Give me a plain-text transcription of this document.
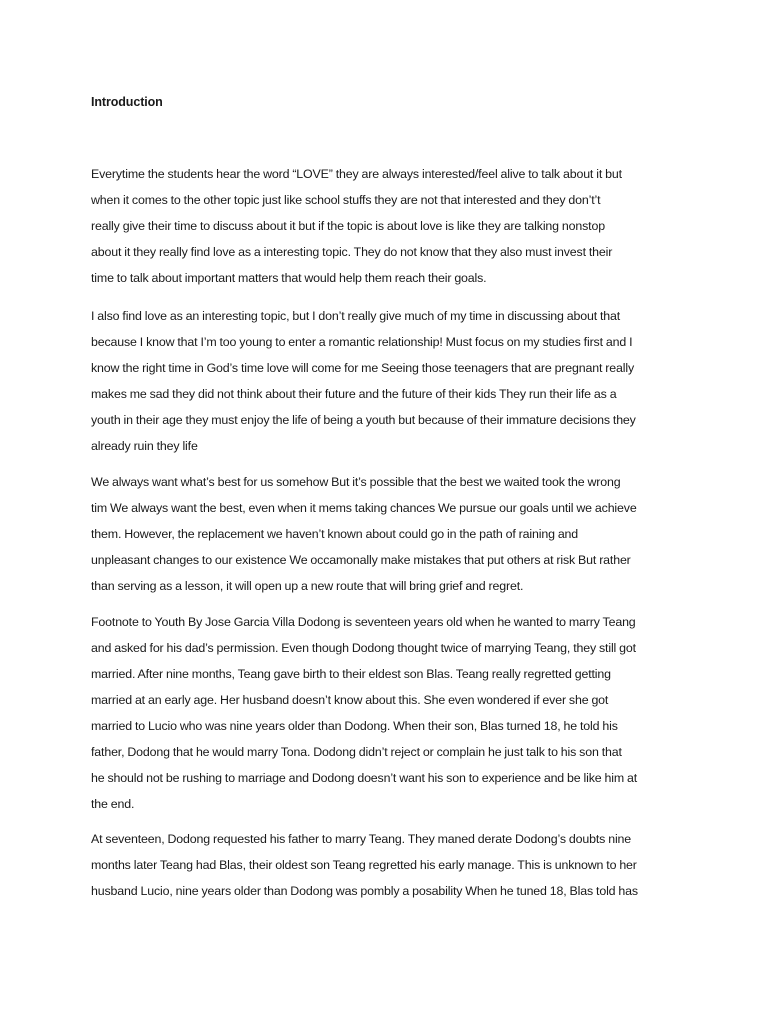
Introduction
Everytime the students hear the word “LOVE” they are always interested/feel alive to talk about it but
when it comes to the other topic just like school stuffs they are not that interested and they don’t’t
really give their time to discuss about it but if the topic is about love is like they are talking nonstop
about it they really find love as a interesting topic. They do not know that they also must invest their
time to talk about important matters that would help them reach their goals.
I also find love as an interesting topic, but I don’t really give much of my time in discussing about that
because I know that I’m too young to enter a romantic relationship! Must focus on my studies first and I
know the right time in God’s time love will come for me Seeing those teenagers that are pregnant really
makes me sad they did not think about their future and the future of their kids They run their life as a
youth in their age they must enjoy the life of being a youth but because of their immature decisions they
already ruin they life
We always want what’s best for us somehow But it’s possible that the best we waited took the wrong
tim We always want the best, even when it mems taking chances We pursue our goals until we achieve
them. However, the replacement we haven’t known about could go in the path of raining and
unpleasant changes to our existence We occamonally make mistakes that put others at risk But rather
than serving as a lesson, it will open up a new route that will bring grief and regret.
Footnote to Youth By Jose Garcia Villa Dodong is seventeen years old when he wanted to marry Teang
and asked for his dad’s permission. Even though Dodong thought twice of marrying Teang, they still got
married. After nine months, Teang gave birth to their eldest son Blas. Teang really regretted getting
married at an early age. Her husband doesn’t know about this. She even wondered if ever she got
married to Lucio who was nine years older than Dodong. When their son, Blas turned 18, he told his
father, Dodong that he would marry Tona. Dodong didn’t reject or complain he just talk to his son that
he should not be rushing to marriage and Dodong doesn’t want his son to experience and be like him at
the end.
At seventeen, Dodong requested his father to marry Teang. They maned derate Dodong’s doubts nine
months later Teang had Blas, their oldest son Teang regretted his early manage. This is unknown to her
husband Lucio, nine years older than Dodong was pombly a posability When he tuned 18, Blas told has
